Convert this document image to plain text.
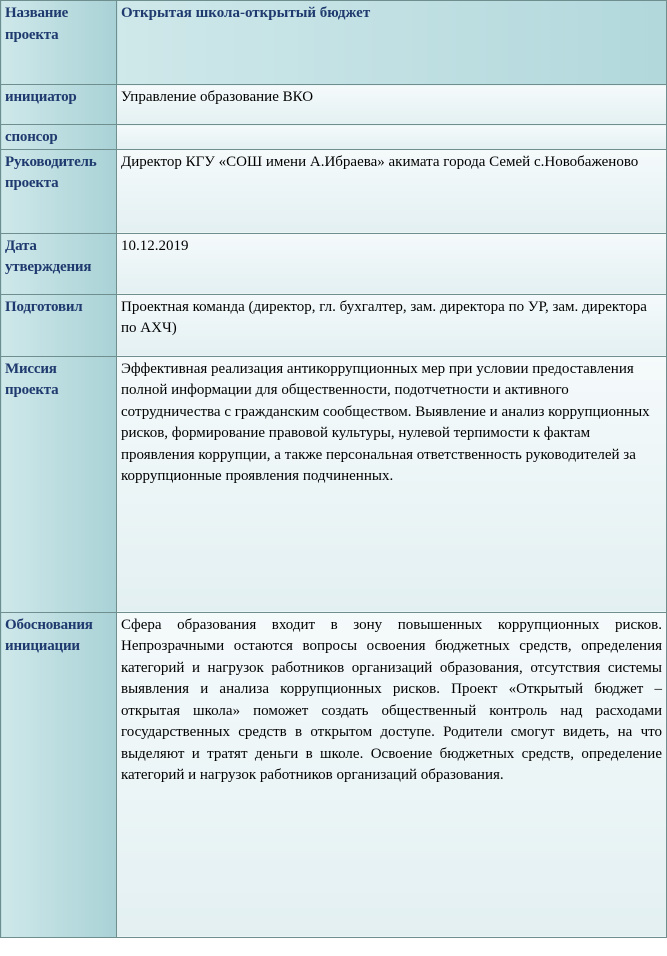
Название проекта	Открытая школа-открытый бюджет
инициатор	Управление образование ВКО
спонсор	
Руководитель проекта	Директор КГУ «СОШ имени А.Ибраева» акимата города Семей с.Новобаженово
Дата утверждения	10.12.2019
Подготовил	Проектная команда (директор, гл. бухгалтер, зам. директора по УР, зам. директора по АХЧ)
Миссия проекта	Эффективная реализация антикоррупционных мер при условии предоставления полной информации для общественности, подотчетности и активного сотрудничества с гражданским сообществом. Выявление и анализ коррупционных рисков, формирование правовой культуры, нулевой терпимости к фактам проявления коррупции, а также персональная ответственность руководителей за коррупционные проявления подчиненных.
Обоснования инициации	Сфера образования входит в зону повышенных коррупционных рисков. Непрозрачными остаются вопросы освоения бюджетных средств, определения категорий и нагрузок работников организаций образования, отсутствия системы выявления и анализа коррупционных рисков. Проект «Открытый бюджет – открытая школа» поможет создать общественный контроль над расходами государственных средств в открытом доступе. Родители смогут видеть, на что выделяют и тратят деньги в школе. Освоение бюджетных средств, определение категорий и нагрузок работников организаций образования.
